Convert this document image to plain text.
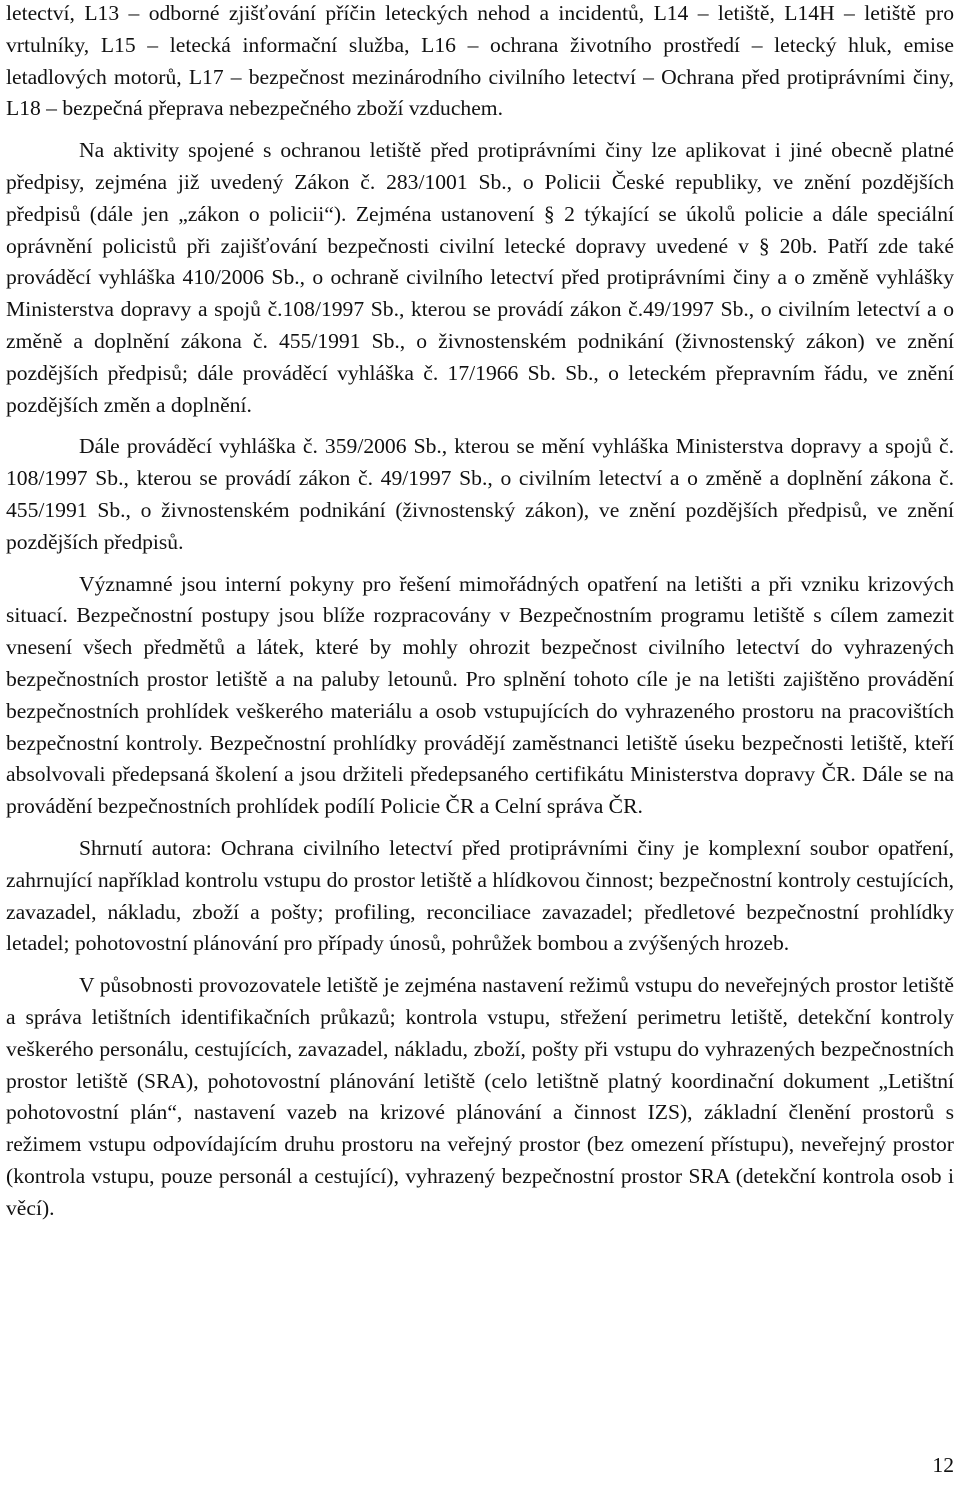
letectví, L13 – odborné zjišťování příčin leteckých nehod a incidentů, L14 – letiště, L14H – letiště pro vrtulníky, L15 – letecká informační služba, L16 – ochrana životního prostředí – letecký hluk, emise letadlových motorů, L17 – bezpečnost mezinárodního civilního letectví – Ochrana před protiprávními činy, L18 – bezpečná přeprava nebezpečného zboží vzduchem.

Na aktivity spojené s ochranou letiště před protiprávními činy lze aplikovat i jiné obecně platné předpisy, zejména již uvedený Zákon č. 283/1001 Sb., o Policii České republiky, ve znění pozdějších předpisů (dále jen „zákon o policii“). Zejména ustanovení § 2 týkající se úkolů policie a dále speciální oprávnění policistů při zajišťování bezpečnosti civilní letecké dopravy uvedené v § 20b. Patří zde také prováděcí vyhláška 410/2006 Sb., o ochraně civilního letectví před protiprávními činy a o změně vyhlášky Ministerstva dopravy a spojů č.108/1997 Sb., kterou se provádí zákon č.49/1997 Sb., o civilním letectví a o změně a doplnění zákona č. 455/1991 Sb., o živnostenském podnikání (živnostenský zákon) ve znění pozdějších předpisů; dále prováděcí vyhláška č. 17/1966 Sb. Sb., o leteckém přepravním řádu, ve znění pozdějších změn a doplnění.

Dále prováděcí vyhláška č. 359/2006 Sb., kterou se mění vyhláška Ministerstva dopravy a spojů č. 108/1997 Sb., kterou se provádí zákon č. 49/1997 Sb., o civilním letectví a o změně a doplnění zákona č. 455/1991 Sb., o živnostenském podnikání (živnostenský zákon), ve znění pozdějších předpisů, ve znění pozdějších předpisů.

Významné jsou interní pokyny pro řešení mimořádných opatření na letišti a při vzniku krizových situací. Bezpečnostní postupy jsou blíže rozpracovány v Bezpečnostním programu letiště s cílem zamezit vnesení všech předmětů a látek, které by mohly ohrozit bezpečnost civilního letectví do vyhrazených bezpečnostních prostor letiště a na paluby letounů. Pro splnění tohoto cíle je na letišti zajištěno provádění bezpečnostních prohlídek veškerého materiálu a osob vstupujících do vyhrazeného prostoru na pracovištích bezpečnostní kontroly. Bezpečnostní prohlídky provádějí zaměstnanci letiště úseku bezpečnosti letiště, kteří absolvovali předepsaná školení a jsou držiteli předepsaného certifikátu Ministerstva dopravy ČR. Dále se na provádění bezpečnostních prohlídek podílí Policie ČR a Celní správa ČR.

Shrnutí autora: Ochrana civilního letectví před protiprávními činy je komplexní soubor opatření, zahrnující například kontrolu vstupu do prostor letiště a hlídkovou činnost; bezpečnostní kontroly cestujících, zavazadel, nákladu, zboží a pošty; profiling, reconciliace zavazadel; předletové bezpečnostní prohlídky letadel; pohotovostní plánování pro případy únosů, pohrůžek bombou a zvýšených hrozeb.

V působnosti provozovatele letiště je zejména nastavení režimů vstupu do neveřejných prostor letiště a správa letištních identifikačních průkazů; kontrola vstupu, střežení perimetru letiště, detekční kontroly veškerého personálu, cestujících, zavazadel, nákladu, zboží, pošty při vstupu do vyhrazených bezpečnostních prostor letiště (SRA), pohotovostní plánování letiště (celo letištně platný koordinační dokument „Letištní pohotovostní plán“, nastavení vazeb na krizové plánování a činnost IZS), základní členění prostorů s režimem vstupu odpovídajícím druhu prostoru na veřejný prostor (bez omezení přístupu), neveřejný prostor (kontrola vstupu, pouze personál a cestující), vyhrazený bezpečnostní prostor SRA (detekční kontrola osob i věcí).

12
